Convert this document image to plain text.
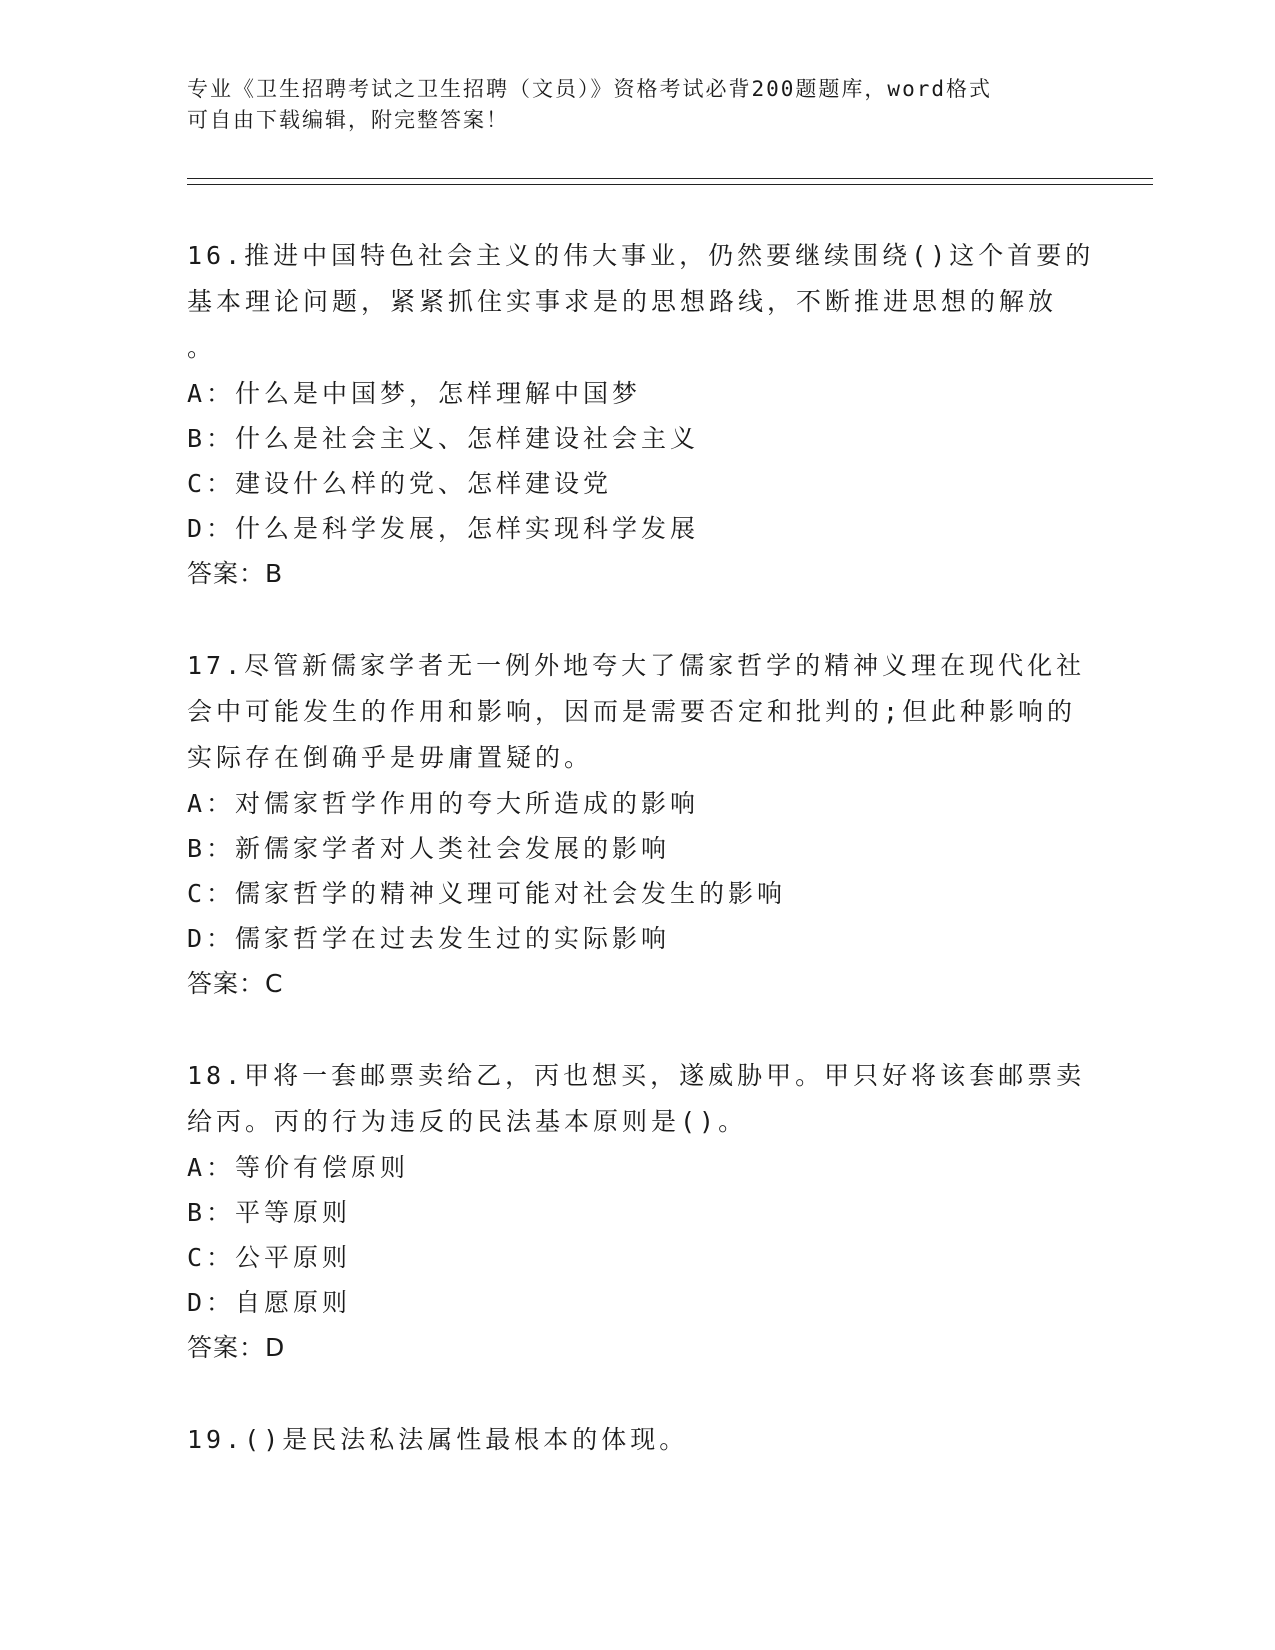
专业《卫生招聘考试之卫生招聘（文员）》资格考试必背200题题库，word格式
可自由下载编辑，附完整答案！
16.推进中国特色社会主义的伟大事业，仍然要继续围绕()这个首要的
基本理论问题，紧紧抓住实事求是的思想路线，不断推进思想的解放
。
A：什么是中国梦，怎样理解中国梦
B：什么是社会主义、怎样建设社会主义
C：建设什么样的党、怎样建设党
D：什么是科学发展，怎样实现科学发展
答案：B
17.尽管新儒家学者无一例外地夸大了儒家哲学的精神义理在现代化社
会中可能发生的作用和影响，因而是需要否定和批判的;但此种影响的
实际存在倒确乎是毋庸置疑的。
A：对儒家哲学作用的夸大所造成的影响
B：新儒家学者对人类社会发展的影响
C：儒家哲学的精神义理可能对社会发生的影响
D：儒家哲学在过去发生过的实际影响
答案：C
18.甲将一套邮票卖给乙，丙也想买，遂威胁甲。甲只好将该套邮票卖
给丙。丙的行为违反的民法基本原则是()。
A：等价有偿原则
B：平等原则
C：公平原则
D：自愿原则
答案：D
19.()是民法私法属性最根本的体现。
